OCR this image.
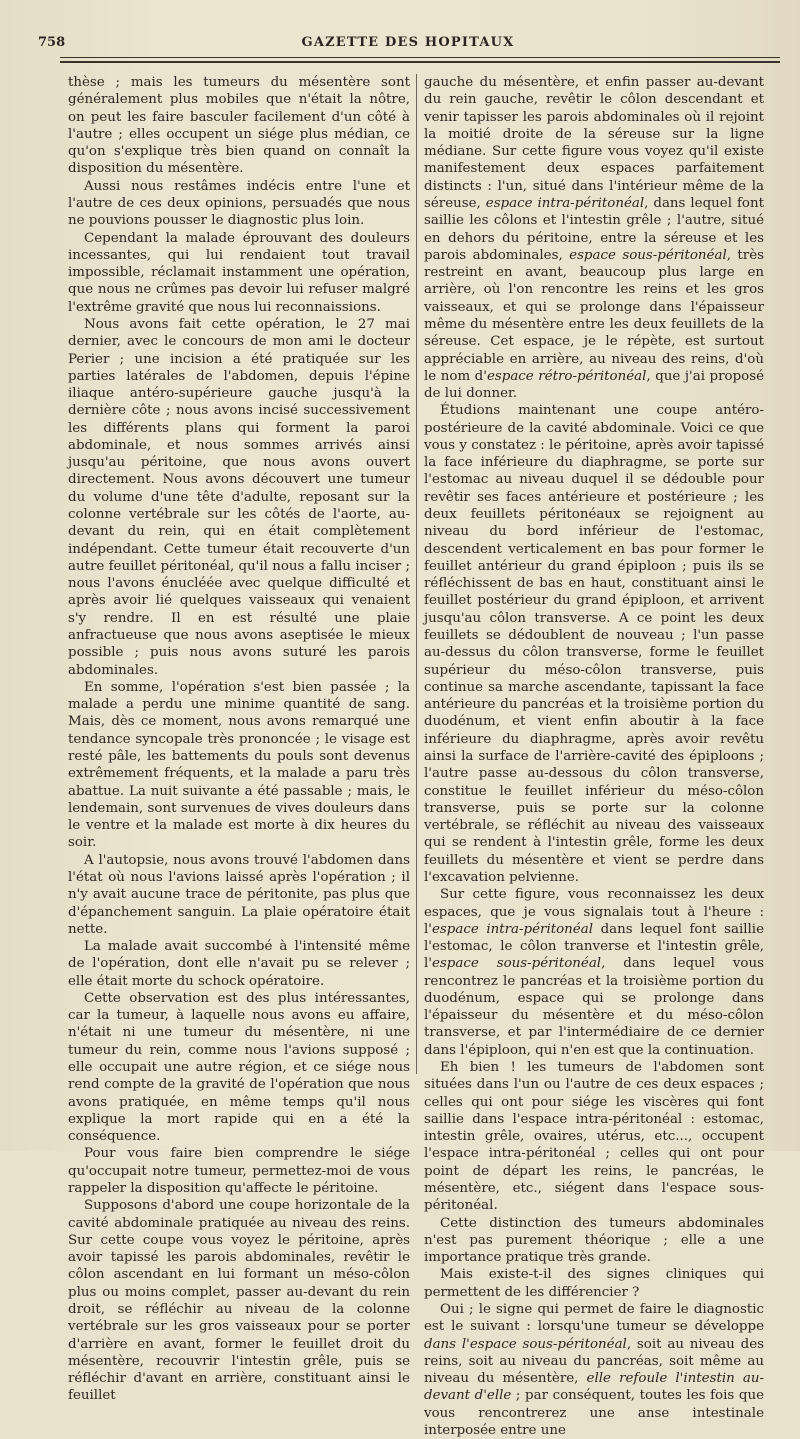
758	GAZETTE DES HOPITAUX

thèse ; mais les tumeurs du mésentère sont généralement plus mobiles que n'était la nôtre, on peut les faire basculer facilement d'un côté à l'autre ; elles occupent un siége plus médian, ce qu'on s'explique très bien quand on connaît la disposition du mésentère.

Aussi nous restâmes indécis entre l'une et l'autre de ces deux opinions, persuadés que nous ne pouvions pousser le diagnostic plus loin.

Cependant la malade éprouvant des douleurs incessantes, qui lui rendaient tout travail impossible, réclamait instamment une opération, que nous ne crûmes pas devoir lui refuser malgré l'extrême gravité que nous lui reconnaissions.

Nous avons fait cette opération, le 27 mai dernier, avec le concours de mon ami le docteur Perier ; une incision a été pratiquée sur les parties latérales de l'abdomen, depuis l'épine iliaque antéro-supérieure gauche jusqu'à la dernière côte ; nous avons incisé successivement les différents plans qui forment la paroi abdominale, et nous sommes arrivés ainsi jusqu'au péritoine, que nous avons ouvert directement. Nous avons découvert une tumeur du volume d'une tête d'adulte, reposant sur la colonne vertébrale sur les côtés de l'aorte, au-devant du rein, qui en était complètement indépendant. Cette tumeur était recouverte d'un autre feuillet péritonéal, qu'il nous a fallu inciser ; nous l'avons énucléée avec quelque difficulté et après avoir lié quelques vaisseaux qui venaient s'y rendre. Il en est résulté une plaie anfractueuse que nous avons aseptisée le mieux possible ; puis nous avons suturé les parois abdominales.

En somme, l'opération s'est bien passée ; la malade a perdu une minime quantité de sang. Mais, dès ce moment, nous avons remarqué une tendance syncopale très prononcée ; le visage est resté pâle, les battements du pouls sont devenus extrêmement fréquents, et la malade a paru très abattue. La nuit suivante a été passable ; mais, le lendemain, sont survenues de vives douleurs dans le ventre et la malade est morte à dix heures du soir.

A l'autopsie, nous avons trouvé l'abdomen dans l'état où nous l'avions laissé après l'opération ; il n'y avait aucune trace de péritonite, pas plus que d'épanchement sanguin. La plaie opératoire était nette.

La malade avait succombé à l'intensité même de l'opération, dont elle n'avait pu se relever ; elle était morte du schock opératoire.

Cette observation est des plus intéressantes, car la tumeur, à laquelle nous avons eu affaire, n'était ni une tumeur du mésentère, ni une tumeur du rein, comme nous l'avions supposé ; elle occupait une autre région, et ce siége nous rend compte de la gravité de l'opération que nous avons pratiquée, en même temps qu'il nous explique la mort rapide qui en a été la conséquence.

Pour vous faire bien comprendre le siége qu'occupait notre tumeur, permettez-moi de vous rappeler la disposition qu'affecte le péritoine.

Supposons d'abord une coupe horizontale de la cavité abdominale pratiquée au niveau des reins. Sur cette coupe vous voyez le péritoine, après avoir tapissé les parois abdominales, revêtir le côlon ascendant en lui formant un méso-côlon plus ou moins complet, passer au-devant du rein droit, se réfléchir au niveau de la colonne vertébrale sur les gros vaisseaux pour se porter d'arrière en avant, former le feuillet droit du mésentère, recouvrir l'intestin grêle, puis se réfléchir d'avant en arrière, constituant ainsi le feuillet

gauche du mésentère, et enfin passer au-devant du rein gauche, revêtir le côlon descendant et venir tapisser les parois abdominales où il rejoint la moitié droite de la séreuse sur la ligne médiane. Sur cette figure vous voyez qu'il existe manifestement deux espaces parfaitement distincts : l'un, situé dans l'intérieur même de la séreuse, espace intra-péritonéal, dans lequel font saillie les côlons et l'intestin grêle ; l'autre, situé en dehors du péritoine, entre la séreuse et les parois abdominales, espace sous-péritonéal, très restreint en avant, beaucoup plus large en arrière, où l'on rencontre les reins et les gros vaisseaux, et qui se prolonge dans l'épaisseur même du mésentère entre les deux feuillets de la séreuse. Cet espace, je le répète, est surtout appréciable en arrière, au niveau des reins, d'où le nom d'espace rétro-péritonéal, que j'ai proposé de lui donner.

Étudions maintenant une coupe antéro-postérieure de la cavité abdominale. Voici ce que vous y constatez : le péritoine, après avoir tapissé la face inférieure du diaphragme, se porte sur l'estomac au niveau duquel il se dédouble pour revêtir ses faces antérieure et postérieure ; les deux feuillets péritonéaux se rejoignent au niveau du bord inférieur de l'estomac, descendent verticalement en bas pour former le feuillet antérieur du grand épiploon ; puis ils se réfléchissent de bas en haut, constituant ainsi le feuillet postérieur du grand épiploon, et arrivent jusqu'au côlon transverse. A ce point les deux feuillets se dédoublent de nouveau ; l'un passe au-dessus du côlon transverse, forme le feuillet supérieur du méso-côlon transverse, puis continue sa marche ascendante, tapissant la face antérieure du pancréas et la troisième portion du duodénum, et vient enfin aboutir à la face inférieure du diaphragme, après avoir revêtu ainsi la surface de l'arrière-cavité des épiploons ; l'autre passe au-dessous du côlon transverse, constitue le feuillet inférieur du méso-côlon transverse, puis se porte sur la colonne vertébrale, se réfléchit au niveau des vaisseaux qui se rendent à l'intestin grêle, forme les deux feuillets du mésentère et vient se perdre dans l'excavation pelvienne.

Sur cette figure, vous reconnaissez les deux espaces, que je vous signalais tout à l'heure : l'espace intra-péritonéal dans lequel font saillie l'estomac, le côlon tranverse et l'intestin grêle, l'espace sous-péritonéal, dans lequel vous rencontrez le pancréas et la troisième portion du duodénum, espace qui se prolonge dans l'épaisseur du mésentère et du méso-côlon transverse, et par l'intermédiaire de ce dernier dans l'épiploon, qui n'en est que la continuation.

Eh bien ! les tumeurs de l'abdomen sont situées dans l'un ou l'autre de ces deux espaces ; celles qui ont pour siége les viscères qui font saillie dans l'espace intra-péritonéal : estomac, intestin grêle, ovaires, utérus, etc..., occupent l'espace intra-péritonéal ; celles qui ont pour point de départ les reins, le pancréas, le mésentère, etc., siégent dans l'espace sous-péritonéal.

Cette distinction des tumeurs abdominales n'est pas purement théorique ; elle a une importance pratique très grande.

Mais existe-t-il des signes cliniques qui permettent de les différencier ?

Oui ; le signe qui permet de faire le diagnostic est le suivant : lorsqu'une tumeur se développe dans l'espace sous-péritonéal, soit au niveau des reins, soit au niveau du pancréas, soit même au niveau du mésentère, elle refoule l'intestin au-devant d'elle ; par conséquent, toutes les fois que vous rencontrerez une anse intestinale interposée entre une
